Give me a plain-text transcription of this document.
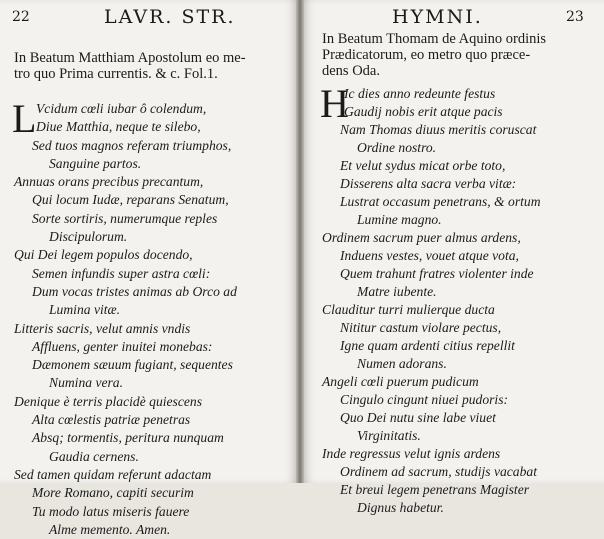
22	LAVR. STR.
In Beatum Matthiam Apostolum eo me-
tro quo Prima currentis. & c. Fol.1.
L Vcidum cœli iubar ô colendum,
Diue Matthia, neque te silebo,
Sed tuos magnos referam triumphos,
Sanguine partos.
Annuas orans precibus precantum,
Qui locum Iudæ, reparans Senatum,
Sorte sortiris, numerumque reples
Discipulorum.
Qui Dei legem populos docendo,
Semen infundis super astra cœli:
Dum vocas tristes animas ab Orco ad
Lumina vitæ.
Litteris sacris, velut amnis vndis
Affluens, genter inuitei monebas:
Dæmonem sæuum fugiant, sequentes
Numina vera.
Denique è terris placidè quiescens
Alta cœlestis patriæ penetras
Absq; tormentis, peritura nunquam
Gaudia cernens.
Sed tamen quidam referunt adactam
More Romano, capiti securim
Tu modo latus miseris fauere
Alme memento. Amen.
HYMNI.	23
In Beatum Thomam de Aquino ordinis
Prædicatorum, eo metro quo præce-
dens Oda.
H
Ic dies anno redeunte festus
Gaudij nobis erit atque pacis
Nam Thomas diuus meritis coruscat
Ordine nostro.
Et velut sydus micat orbe toto,
Disserens alta sacra verba vitæ:
Lustrat occasum penetrans, & ortum
Lumine magno.
Ordinem sacrum puer almus ardens,
Induens vestes, vouet atque vota,
Quem trahunt fratres violenter inde
Matre iubente.
Clauditur turri mulierque ducta
Nititur castum violare pectus,
Igne quam ardenti citius repellit
Numen adorans.
Angeli cœli puerum pudicum
Cingulo cingunt niuei pudoris:
Quo Dei nutu sine labe viuet
Virginitatis.
Inde regressus velut ignis ardens
Ordinem ad sacrum, studijs vacabat
Et breui legem penetrans Magister
Dignus habetur.
